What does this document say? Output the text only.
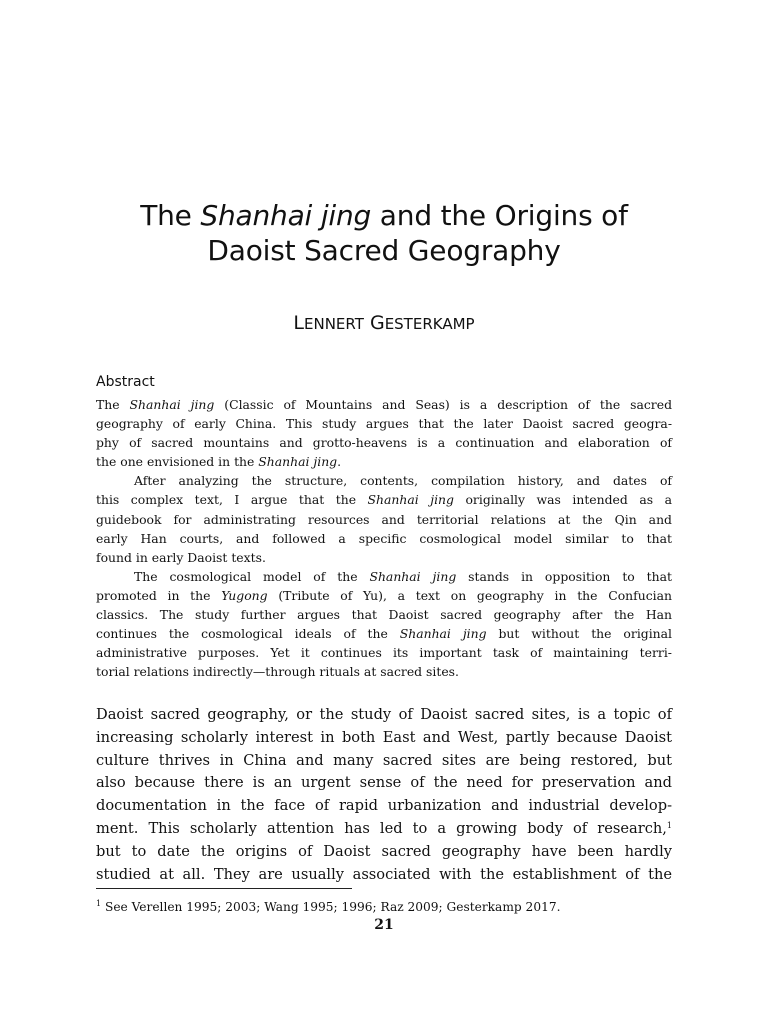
The Shanhai jing and the Origins of
Daoist Sacred Geography
LENNERT GESTERKAMP
Abstract

The Shanhai jing (Classic of Mountains and Seas) is a description of the sacred
geography of early China. This study argues that the later Daoist sacred geogra-
phy of sacred mountains and grotto-heavens is a continuation and elaboration of
the one envisioned in the Shanhai jing.

After analyzing the structure, contents, compilation history, and dates of
this complex text, I argue that the Shanhai jing originally was intended as a
guidebook for administrating resources and territorial relations at the Qin and
early Han courts, and followed a specific cosmological model similar to that
found in early Daoist texts.

The cosmological model of the Shanhai jing stands in opposition to that
promoted in the Yugong (Tribute of Yu), a text on geography in the Confucian
classics. The study further argues that Daoist sacred geography after the Han
continues the cosmological ideals of the Shanhai jing but without the original
administrative purposes. Yet it continues its important task of maintaining terri-
torial relations indirectly—through rituals at sacred sites.

Daoist sacred geography, or the study of Daoist sacred sites, is a topic of
increasing scholarly interest in both East and West, partly because Daoist
culture thrives in China and many sacred sites are being restored, but
also because there is an urgent sense of the need for preservation and
documentation in the face of rapid urbanization and industrial develop-
ment. This scholarly attention has led to a growing body of research,$^1$
but to date the origins of Daoist sacred geography have been hardly
studied at all. They are usually associated with the establishment of the
$^1$ See Verellen 1995; 2003; Wang 1995; 1996; Raz 2009; Gesterkamp 2017.
21
